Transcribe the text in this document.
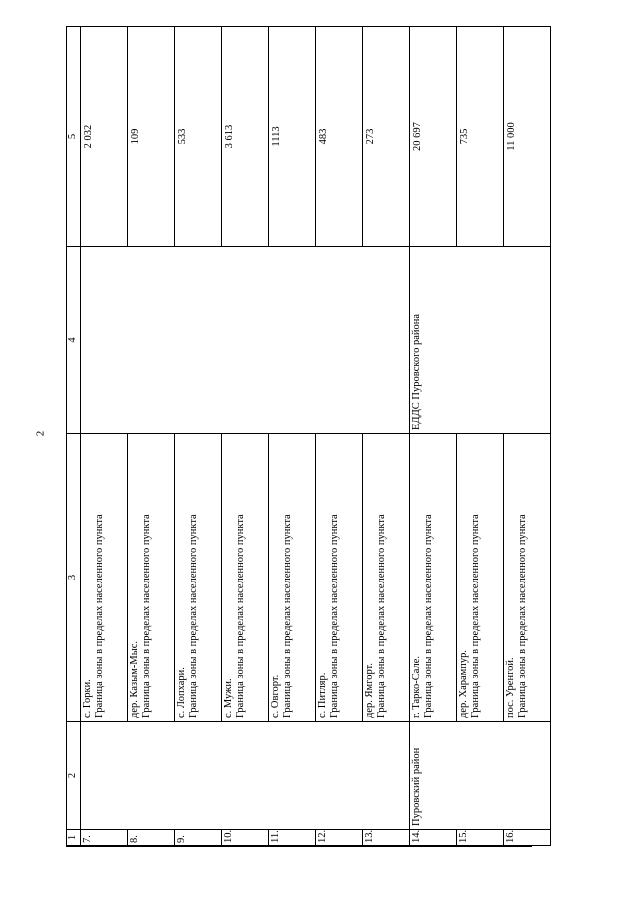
2
1	2	3	4	5
7.		с. Горки. Граница зоны в пределах населенного пункта		2 032
8.		дер. Казым-Мыс. Граница зоны в пределах населенного пункта		109
9.		с. Лопхари. Граница зоны в пределах населенного пункта		533
10.		с. Мужи. Граница зоны в пределах населенного пункта		3 613
11.		с. Овгорт. Граница зоны в пределах населенного пункта		1113
12.		с. Питляр. Граница зоны в пределах населенного пункта		483
13.		дер. Ямгорт. Граница зоны в пределах населенного пункта		273
14.	Пуровский район	г. Тарко-Сале. Граница зоны в пределах населенного пункта	ЕДДС Пуровского района	20 697
15.		дер. Харампур. Граница зоны в пределах населенного пункта		735
16.		пос. Уренгой. Граница зоны в пределах населенного пункта		11 000
